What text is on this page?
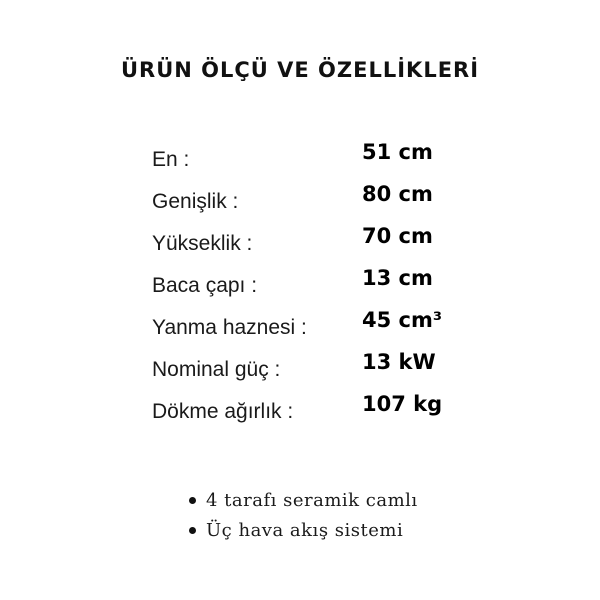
ÜRÜN ÖLÇÜ VE ÖZELLİKLERİ
En :	51 cm
Genişlik :	80 cm
Yükseklik :	70 cm
Baca çapı :	13 cm
Yanma haznesi :	45 cm³
Nominal güç :	13 kW
Dökme ağırlık :	107 kg
4 tarafı seramik camlı
Üç hava akış sistemi
